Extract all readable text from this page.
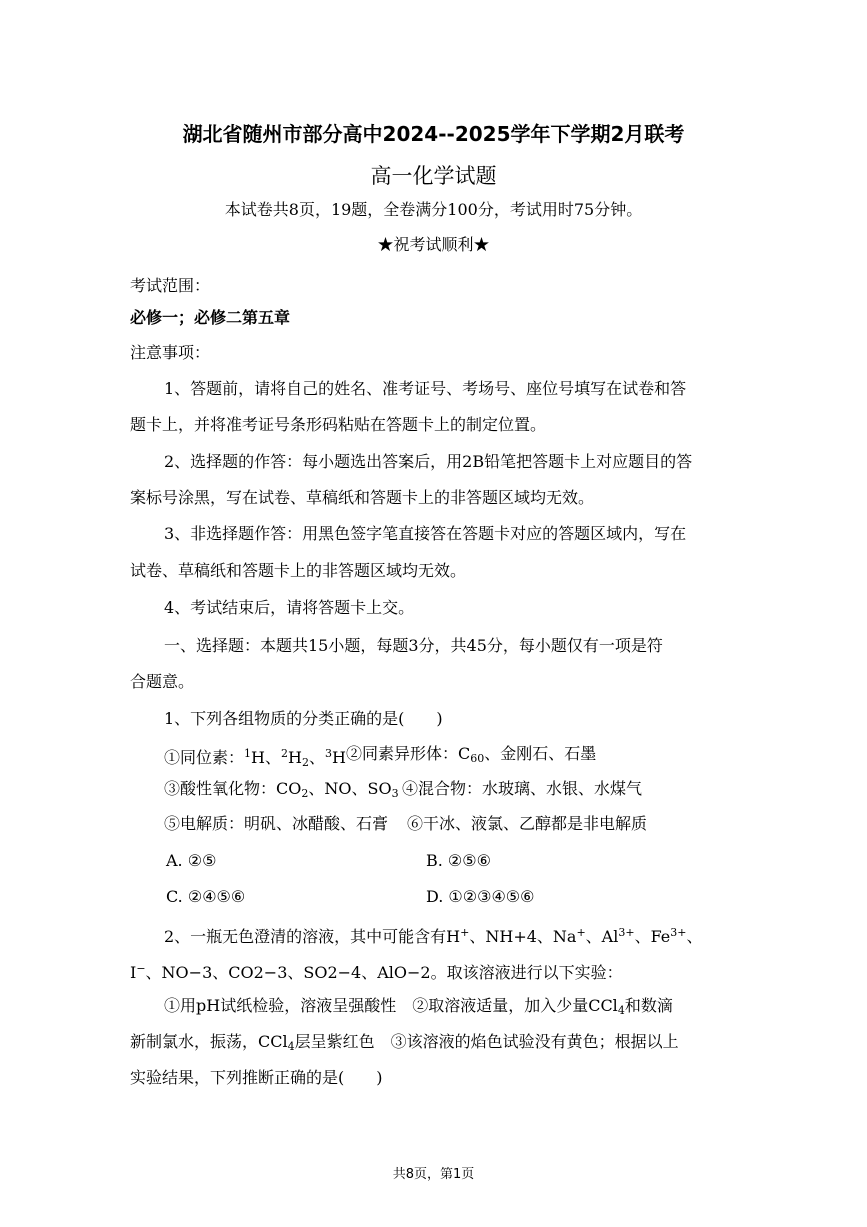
湖北省随州市部分高中2024--2025学年下学期2月联考
高一化学试题
本试卷共8页，19题，全卷满分100分，考试用时75分钟。
★祝考试顺利★
考试范围：
必修一；必修二第五章
注意事项：
1、答题前，请将自己的姓名、准考证号、考场号、座位号填写在试卷和答
题卡上，并将准考证号条形码粘贴在答题卡上的制定位置。
2、选择题的作答：每小题选出答案后，用2B铅笔把答题卡上对应题目的答
案标号涂黑，写在试卷、草稿纸和答题卡上的非答题区域均无效。
3、非选择题作答：用黑色签字笔直接答在答题卡对应的答题区域内，写在
试卷、草稿纸和答题卡上的非答题区域均无效。
4、考试结束后，请将答题卡上交。
一、选择题：本题共15小题，每题3分，共45分，每小题仅有一项是符
合题意。
1、下列各组物质的分类正确的是(　　)
①同位素：$^1$H、$^2H_2$、$^3$H ②同素异形体：$C_{60}$、金刚石、石墨
③酸性氧化物：$CO_2$、NO、$SO_3$ ④混合物：水玻璃、水银、水煤气
⑤电解质：明矾、冰醋酸、石膏 ⑥干冰、液氯、乙醇都是非电解质
A. ②⑤	B. ②⑤⑥
C. ②④⑤⑥	D. ①②③④⑤⑥
2、一瓶无色澄清的溶液，其中可能含有H+、NH+4、Na+、$Al^{3+}$、$Fe^{3+}$、
I−、NO−3、CO2−3、SO2−4、AlO−2。取该溶液进行以下实验：
①用pH试纸检验，溶液呈强酸性　②取溶液适量，加入少量CCl$_4$和数滴
新制氯水，振荡，CCl$_4$层呈紫红色　③该溶液的焰色试验没有黄色；根据以上
实验结果，下列推断正确的是(　　)
共8页，第1页
